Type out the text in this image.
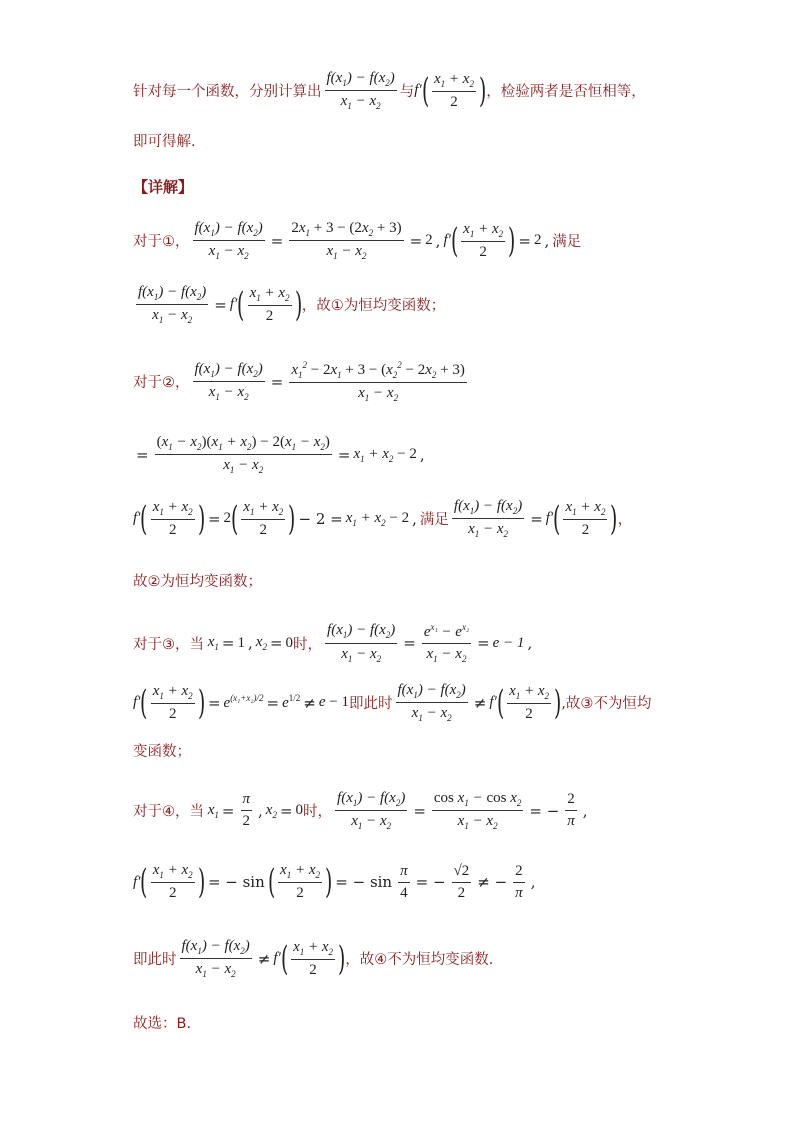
针对每一个函数，分别计算出 $\frac{f(x_1) - f(x_2)}{x_1 - x_2}$ 与 f′ ( $\frac{x_1 + x_2}{2}$ ) ，检验两者是否恒相等，
即可得解.
【详解】
对于①， $\frac{f(x_1) - f(x_2)}{x_1 - x_2} = \frac{2x_1 + 3 - (2x_2 + 3)}{x_1 - x_2} = 2$ , f′ ( $\frac{x_1 + x_2}{2}$ ) = 2 , 满足
$\frac{f(x_1) - f(x_2)}{x_1 - x_2} = f'$ ( $\frac{x_1 + x_2}{2}$ ) ，故①为恒均变函数；
对于②， $\frac{f(x_1) - f(x_2)}{x_1 - x_2} = \frac{x_1^2 - 2x_1 + 3 - (x_2^2 - 2x_2 + 3)}{x_1 - x_2}$
= $\frac{(x_1 - x_2)(x_1 + x_2) - 2(x_1 - x_2)}{x_1 - x_2} = x_1 + x_2 - 2$ ,
f′ ( $\frac{x_1 + x_2}{2}$ ) = 2 ( $\frac{x_1 + x_2}{2}$ ) − $2 = x_1 + x_2 - 2$ , 满足 $\frac{f(x_1) - f(x_2)}{x_1 - x_2} = f'$ ( $\frac{x_1 + x_2}{2}$ ) ，
故②为恒均变函数；
对于③，当 $x_1 = 1$ , $x_2 = 0$ 时， $\frac{f(x_1) - f(x_2)}{x_1 - x_2} = \frac{e^{x_1} - e^{x_2}}{x_1 - x_2} = e - 1$ ,
f′ ( $\frac{x_1 + x_2}{2}$ ) = $e^{(x_1+x_2)/2} = e^{1/2} \ne e - 1$ 即此时 $\frac{f(x_1) - f(x_2)}{x_1 - x_2} \ne f'$ ( $\frac{x_1 + x_2}{2}$ ) ,故③不为恒均
变函数；
对于④，当 $x_1 = \frac{\pi}{2}$ , $x_2 = 0$ 时， $\frac{f(x_1) - f(x_2)}{x_1 - x_2} = \frac{\cos x_1 - \cos x_2}{x_1 - x_2}$ = − $\frac{2}{\pi}$ ,
f′ ( $\frac{x_1 + x_2}{2}$ ) = − sin ( $\frac{x_1 + x_2}{2}$ ) = − $\sin \frac{\pi}{4}$ = − $\frac{√2}{2}$ ≠ − $\frac{2}{\pi}$ ,
即此时 $\frac{f(x_1) - f(x_2)}{x_1 - x_2} \ne f'$ ( $\frac{x_1 + x_2}{2}$ ) ，故④不为恒均变函数.
故选：B.
